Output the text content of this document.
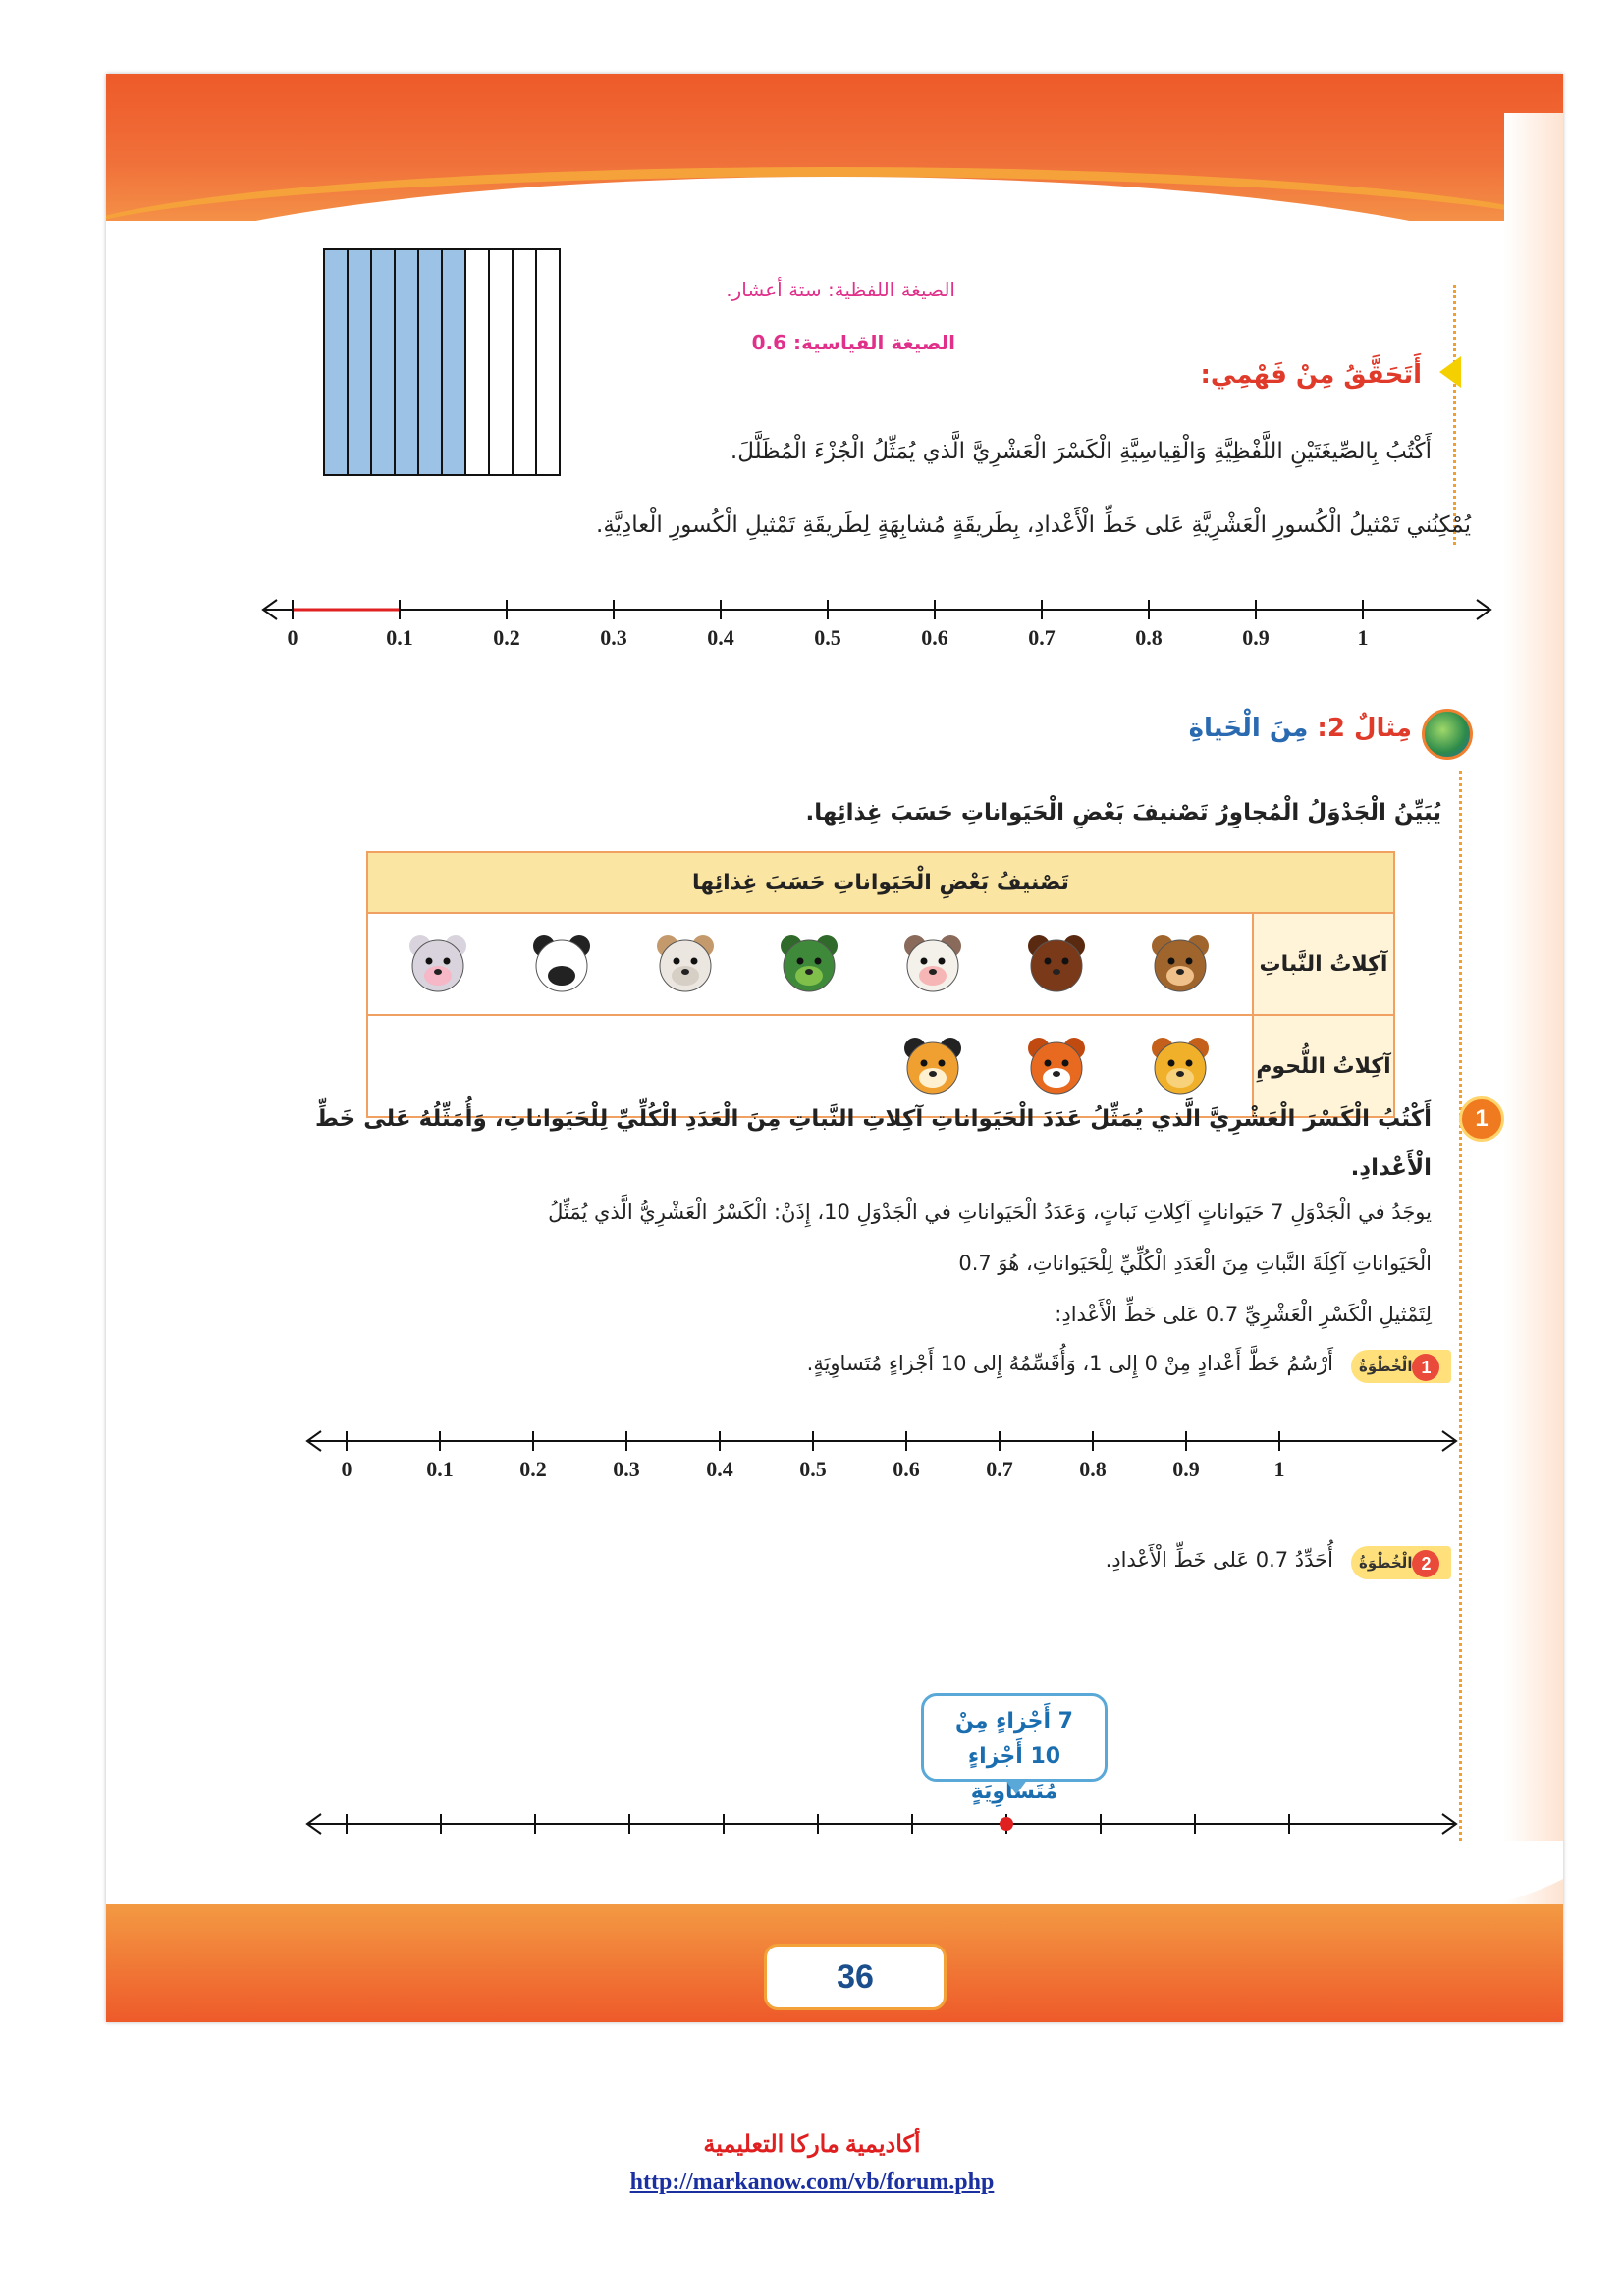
الصيغة اللفظية: ستة أعشار.
الصيغة القياسية: 0.6
أَتَحَقَّقُ مِنْ فَهْمِي:
أَكْتُبُ بِالصِّيغَتَيْنِ اللَّفْظِيَّةِ وَالْقِياسِيَّةِ الْكَسْرَ الْعَشْرِيَّ الَّذي يُمَثِّلُ الْجُزْءَ الْمُظَلَّلَ.
يُمْكِنُني تَمْثيلُ الْكُسورِ الْعَشْرِيَّةِ عَلى خَطِّ الْأَعْدادِ، بِطَريقَةٍ مُشابِهَةٍ لِطَريقَةِ تَمْثيلِ الْكُسورِ الْعادِيَّةِ.
0	0.1	0.2	0.3	0.4	0.5	0.6	0.7	0.8	0.9	1
مِثالٌ 2: مِنَ الْحَياةِ
يُبَيِّنُ الْجَدْوَلُ الْمُجاوِرُ تَصْنيفَ بَعْضِ الْحَيَواناتِ حَسَبَ غِذائِها.
تَصْنيفُ بَعْضِ الْحَيَواناتِ حَسَبَ غِذائِها	
	آكِلاتُ النَّباتِ
	آكِلاتُ اللُّحومِ
1
أَكْتُبُ الْكَسْرَ الْعَشْرِيَّ الَّذي يُمَثِّلُ عَدَدَ الْحَيَواناتِ آكِلاتِ النَّباتِ مِنَ الْعَدَدِ الْكُلِّيِّ لِلْحَيَواناتِ، وَأُمَثِّلُهُ عَلى خَطِّ الْأَعْدادِ.
يوجَدُ في الْجَدْوَلِ 7 حَيَواناتٍ آكِلاتِ نَباتٍ، وَعَدَدُ الْحَيَواناتِ في الْجَدْوَلِ 10، إِذَنْ: الْكَسْرُ الْعَشْرِيُّ الَّذي يُمَثِّلُ
الْحَيَواناتِ آكِلَةَ النَّباتِ مِنَ الْعَدَدِ الْكُلِّيِّ لِلْحَيَواناتِ، هُوَ 0.7
لِتَمْثيلِ الْكَسْرِ الْعَشْرِيِّ 0.7 عَلى خَطِّ الْأَعْدادِ:
1الْخُطْوَةُ
أَرْسُمُ خَطَّ أَعْدادٍ مِنْ 0 إِلى 1، وَأُقَسِّمُهُ إِلى 10 أَجْزاءٍ مُتَساوِيَةٍ.
0	0.1	0.2	0.3	0.4	0.5	0.6	0.7	0.8	0.9	1
2الْخُطْوَةُ
أُحَدِّدُ 0.7 عَلى خَطِّ الْأَعْدادِ.
7 أَجْزاءٍ مِنْ
10 أَجْزاءٍ مُتَساوِيَةٍ
36
أكاديمية ماركا التعليمية
http://markanow.com/vb/forum.php
